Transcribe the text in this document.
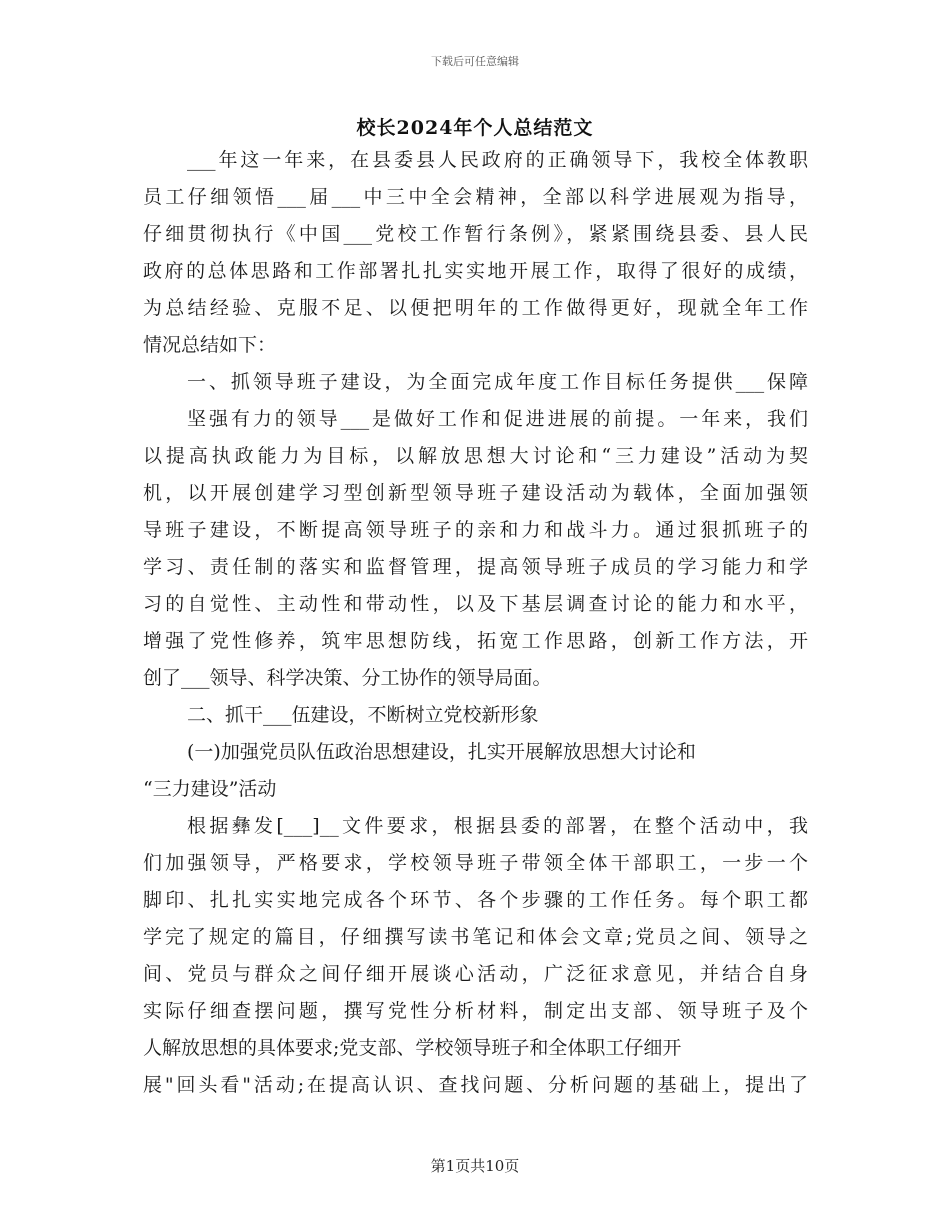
下载后可任意编辑
校长2024年个人总结范文
___年这一年来，在县委县人民政府的正确领导下，我校全体教职
员工仔细领悟___届___中三中全会精神，全部以科学进展观为指导，
仔细贯彻执行《中国___党校工作暂行条例》，紧紧围绕县委、县人民
政府的总体思路和工作部署扎扎实实地开展工作，取得了很好的成绩，
为总结经验、克服不足、以便把明年的工作做得更好，现就全年工作
情况总结如下：
一、抓领导班子建设，为全面完成年度工作目标任务提供___保障
坚强有力的领导___是做好工作和促进进展的前提。一年来，我们
以提高执政能力为目标，以解放思想大讨论和“三力建设”活动为契
机，以开展创建学习型创新型领导班子建设活动为载体，全面加强领
导班子建设，不断提高领导班子的亲和力和战斗力。通过狠抓班子的
学习、责任制的落实和监督管理，提高领导班子成员的学习能力和学
习的自觉性、主动性和带动性，以及下基层调查讨论的能力和水平，
增强了党性修养，筑牢思想防线，拓宽工作思路，创新工作方法，开
创了___领导、科学决策、分工协作的领导局面。
二、抓干___伍建设，不断树立党校新形象
(一)加强党员队伍政治思想建设，扎实开展解放思想大讨论和
“三力建设”活动
根据彝发[___]__文件要求，根据县委的部署，在整个活动中，我
们加强领导，严格要求，学校领导班子带领全体干部职工，一步一个
脚印、扎扎实实地完成各个环节、各个步骤的工作任务。每个职工都
学完了规定的篇目，仔细撰写读书笔记和体会文章;党员之间、领导之
间、党员与群众之间仔细开展谈心活动，广泛征求意见，并结合自身
实际仔细查摆问题，撰写党性分析材料，制定出支部、领导班子及个
人解放思想的具体要求;党支部、学校领导班子和全体职工仔细开
展"回头看"活动;在提高认识、查找问题、分析问题的基础上，提出了
第1页共10页
